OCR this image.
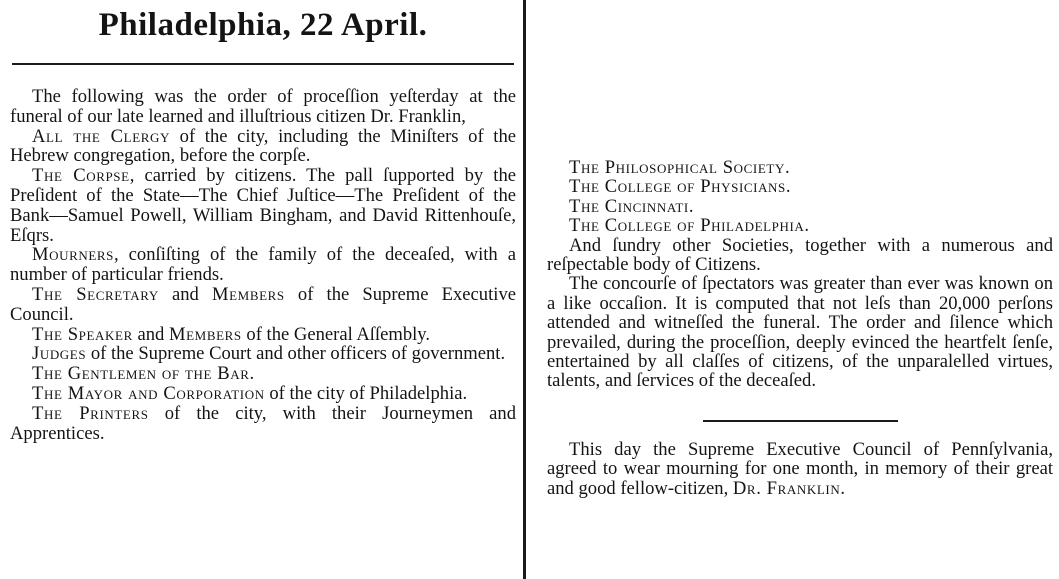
Philadelphia, 22 April.

The following was the order of proceſſion yeſterday at the funeral of our late learned and illuſtrious citizen Dr. Franklin,

All the Clergy of the city, including the Miniſters of the Hebrew congregation, before the corpſe.

The Corpse, carried by citizens. The pall ſupported by the Preſident of the State—The Chief Juſtice—The Preſident of the Bank—Samuel Powell, William Bingham, and David Rittenhouſe, Eſqrs.

Mourners, conſiſting of the family of the deceaſed, with a number of particular friends.

The Secretary and Members of the Supreme Executive Council.

The Speaker and Members of the General Aſſembly.

Judges of the Supreme Court and other officers of government.

The Gentlemen of the Bar.

The Mayor and Corporation of the city of Philadelphia.

The Printers of the city, with their Journeymen and Apprentices.

The Philosophical Society.

The College of Physicians.

The Cincinnati.

The College of Philadelphia.

And ſundry other Societies, together with a numerous and reſpectable body of Citizens.

The concourſe of ſpectators was greater than ever was known on a like occaſion. It is computed that not leſs than 20,000 perſons attended and witneſſed the funeral. The order and ſilence which prevailed, during the proceſſion, deeply evinced the heartfelt ſenſe, entertained by all claſſes of citizens, of the unparalelled virtues, talents, and ſervices of the deceaſed.

This day the Supreme Executive Council of Pennſylvania, agreed to wear mourning for one month, in memory of their great and good fellow-citizen, Dr. Franklin.
